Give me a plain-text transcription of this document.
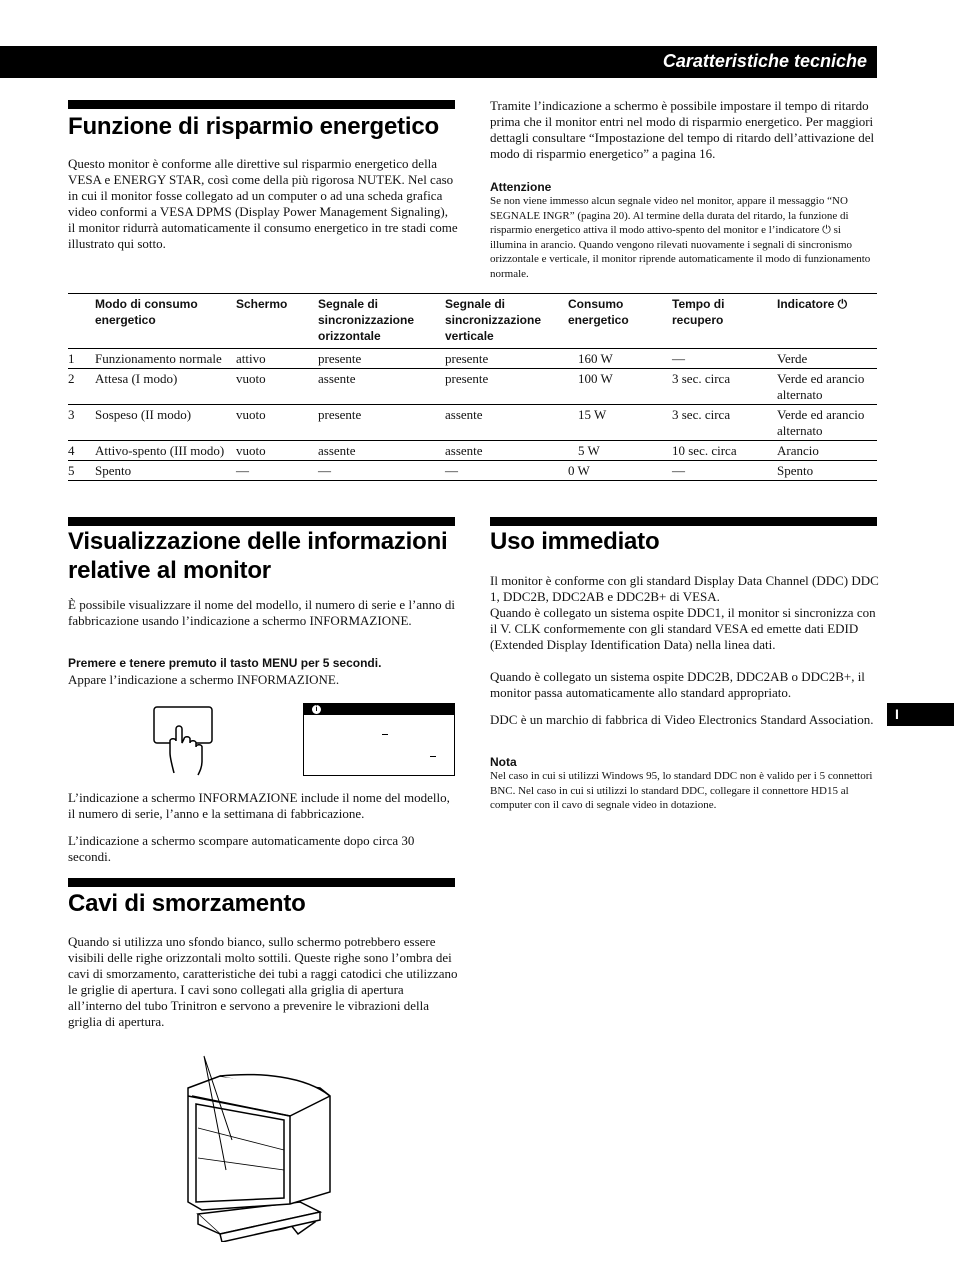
Caratteristiche tecniche
I
Funzione di risparmio energetico

Questo monitor è conforme alle direttive sul risparmio energetico della VESA e ENERGY STAR, così come della più rigorosa NUTEK. Nel caso in cui il monitor fosse collegato ad un computer o ad una scheda grafica video conformi a VESA DPMS (Display Power Management Signaling), il monitor ridurrà automaticamente il consumo energetico in tre stadi come illustrato qui sotto.

Tramite l’indicazione a schermo è possibile impostare il tempo di ritardo prima che il monitor entri nel modo di risparmio energetico. Per maggiori dettagli consultare “Impostazione del tempo di ritardo dell’attivazione del modo di risparmio energetico” a pagina 16.

Attenzione

Se non viene immesso alcun segnale video nel monitor, appare il messaggio “NO SEGNALE INGR” (pagina 20). Al termine della durata del ritardo, la funzione di risparmio energetico attiva il modo attivo-spento del monitor e l’indicatore ⏻ si illumina in arancio. Quando vengono rilevati nuovamente i segnali di sincronismo orizzontale e verticale, il monitor riprende automaticamente il modo di funzionamento normale.

	Modo di consumo energetico	Schermo	Segnale di sincronizzazione orizzontale	Segnale di sincronizzazione verticale	Consumo energetico	Tempo di recupero	Indicatore ⏻
1	Funzionamento normale	attivo	presente	presente	160 W	—	Verde
2	Attesa (I modo)	vuoto	assente	presente	100 W	3 sec. circa	Verde ed arancio alternato
3	Sospeso (II modo)	vuoto	presente	assente	15 W	3 sec. circa	Verde ed arancio alternato
4	Attivo-spento (III modo)	vuoto	assente	assente	5 W	10 sec. circa	Arancio
5	Spento	—	—	—	0 W	—	Spento
Visualizzazione delle informazioni relative al monitor

È possibile visualizzare il nome del modello, il numero di serie e l’anno di fabbricazione usando l’indicazione a schermo INFORMAZIONE.

Premere e tenere premuto il tasto MENU per 5 secondi.

Appare l’indicazione a schermo INFORMAZIONE.

i

L’indicazione a schermo INFORMAZIONE include il nome del modello, il numero di serie, l’anno e la settimana di fabbricazione.

L’indicazione a schermo scompare automaticamente dopo circa 30 secondi.

Cavi di smorzamento

Quando si utilizza uno sfondo bianco, sullo schermo potrebbero essere visibili delle righe orizzontali molto sottili. Queste righe sono l’ombra dei cavi di smorzamento, caratteristiche dei tubi a raggi catodici che utilizzano le griglie di apertura. I cavi sono collegati alla griglia di apertura all’interno del tubo Trinitron e servono a prevenire le vibrazioni della griglia di apertura.

Uso immediato

Il monitor è conforme con gli standard Display Data Channel (DDC) DDC 1, DDC2B, DDC2AB e DDC2B+ di VESA.

Quando è collegato un sistema ospite DDC1, il monitor si sincronizza con il V. CLK conformemente con gli standard VESA ed emette dati EDID (Extended Display Identification Data) nella linea dati.

Quando è collegato un sistema ospite DDC2B, DDC2AB o DDC2B+, il monitor passa automaticamente allo standard appropriato.

DDC è un marchio di fabbrica di Video Electronics Standard Association.

Nota

Nel caso in cui si utilizzi Windows 95, lo standard DDC non è valido per i 5 connettori BNC. Nel caso in cui si utilizzi lo standard DDC, collegare il connettore HD15 al computer con il cavo di segnale video in dotazione.
